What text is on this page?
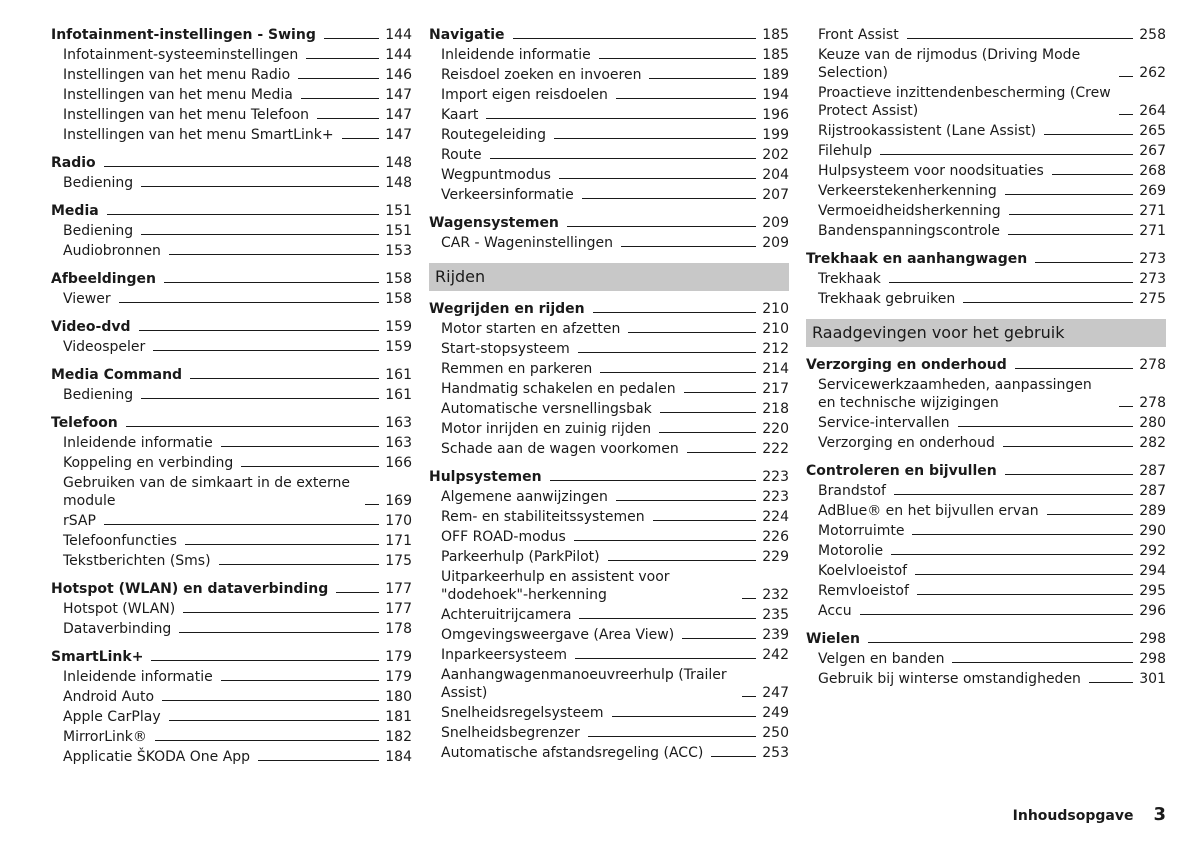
Infotainment-instellingen - Swing	144
Infotainment-systeeminstellingen	144
Instellingen van het menu Radio	146
Instellingen van het menu Media	147
Instellingen van het menu Telefoon	147
Instellingen van het menu SmartLink+	147
Radio	148
Bediening	148
Media	151
Bediening	151
Audiobronnen	153
Afbeeldingen	158
Viewer	158
Video-dvd	159
Videospeler	159
Media Command	161
Bediening	161
Telefoon	163
Inleidende informatie	163
Koppeling en verbinding	166
Gebruiken van de simkaart in de externe module	169
rSAP	170
Telefoonfuncties	171
Tekstberichten (Sms)	175
Hotspot (WLAN) en dataverbinding	177
Hotspot (WLAN)	177
Dataverbinding	178
SmartLink+	179
Inleidende informatie	179
Android Auto	180
Apple CarPlay	181
MirrorLink®	182
Applicatie ŠKODA One App	184
Navigatie	185
Inleidende informatie	185
Reisdoel zoeken en invoeren	189
Import eigen reisdoelen	194
Kaart	196
Routegeleiding	199
Route	202
Wegpuntmodus	204
Verkeersinformatie	207
Wagensystemen	209
CAR - Wageninstellingen	209
Rijden
Wegrijden en rijden	210
Motor starten en afzetten	210
Start-stopsysteem	212
Remmen en parkeren	214
Handmatig schakelen en pedalen	217
Automatische versnellingsbak	218
Motor inrijden en zuinig rijden	220
Schade aan de wagen voorkomen	222
Hulpsystemen	223
Algemene aanwijzingen	223
Rem- en stabiliteitssystemen	224
OFF ROAD-modus	226
Parkeerhulp (ParkPilot)	229
Uitparkeerhulp en assistent voor "dodehoek"-herkenning	232
Achteruitrijcamera	235
Omgevingsweergave (Area View)	239
Inparkeersysteem	242
Aanhangwagenmanoeuvreerhulp (Trailer Assist)	247
Snelheidsregelsysteem	249
Snelheidsbegrenzer	250
Automatische afstandsregeling (ACC)	253
Front Assist	258
Keuze van de rijmodus (Driving Mode Selection)	262
Proactieve inzittendenbescherming (Crew Protect Assist)	264
Rijstrookassistent (Lane Assist)	265
Filehulp	267
Hulpsysteem voor noodsituaties	268
Verkeerstekenherkenning	269
Vermoeidheidsherkenning	271
Bandenspanningscontrole	271
Trekhaak en aanhangwagen	273
Trekhaak	273
Trekhaak gebruiken	275
Raadgevingen voor het gebruik
Verzorging en onderhoud	278
Servicewerkzaamheden, aanpassingen en technische wijzigingen	278
Service-intervallen	280
Verzorging en onderhoud	282
Controleren en bijvullen	287
Brandstof	287
AdBlue® en het bijvullen ervan	289
Motorruimte	290
Motorolie	292
Koelvloeistof	294
Remvloeistof	295
Accu	296
Wielen	298
Velgen en banden	298
Gebruik bij winterse omstandigheden	301
Inhoudsopgave 3
